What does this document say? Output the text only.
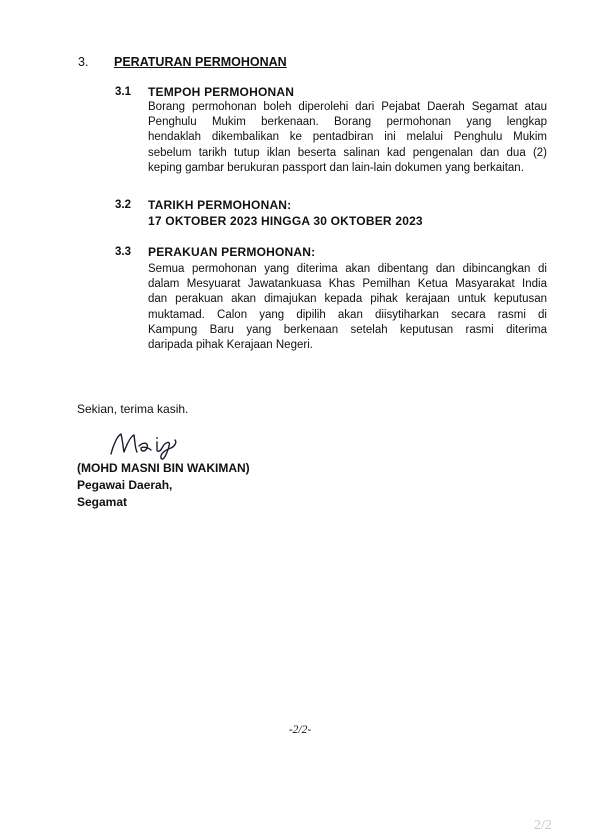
3. PERATURAN PERMOHONAN

3.1 TEMPOH PERMOHONAN

Borang permohonan boleh diperolehi dari Pejabat Daerah Segamat atau
Penghulu Mukim berkenaan. Borang permohonan yang lengkap
hendaklah dikembalikan ke pentadbiran ini melalui Penghulu Mukim
sebelum tarikh tutup iklan beserta salinan kad pengenalan dan dua (2)
keping gambar berukuran passport dan lain-lain dokumen yang berkaitan.

3.2 TARIKH PERMOHONAN:

17 OKTOBER 2023 HINGGA 30 OKTOBER 2023

3.3 PERAKUAN PERMOHONAN:

Semua permohonan yang diterima akan dibentang dan dibincangkan di
dalam Mesyuarat Jawatankuasa Khas Pemilhan Ketua Masyarakat India
dan perakuan akan dimajukan kepada pihak kerajaan untuk keputusan
muktamad. Calon yang dipilih akan diisytiharkan secara rasmi di
Kampung Baru yang berkenaan setelah keputusan rasmi diterima
daripada pihak Kerajaan Negeri.

Sekian, terima kasih.

(MOHD MASNI BIN WAKIMAN)
Pegawai Daerah,
Segamat

-2/2-

2/2
